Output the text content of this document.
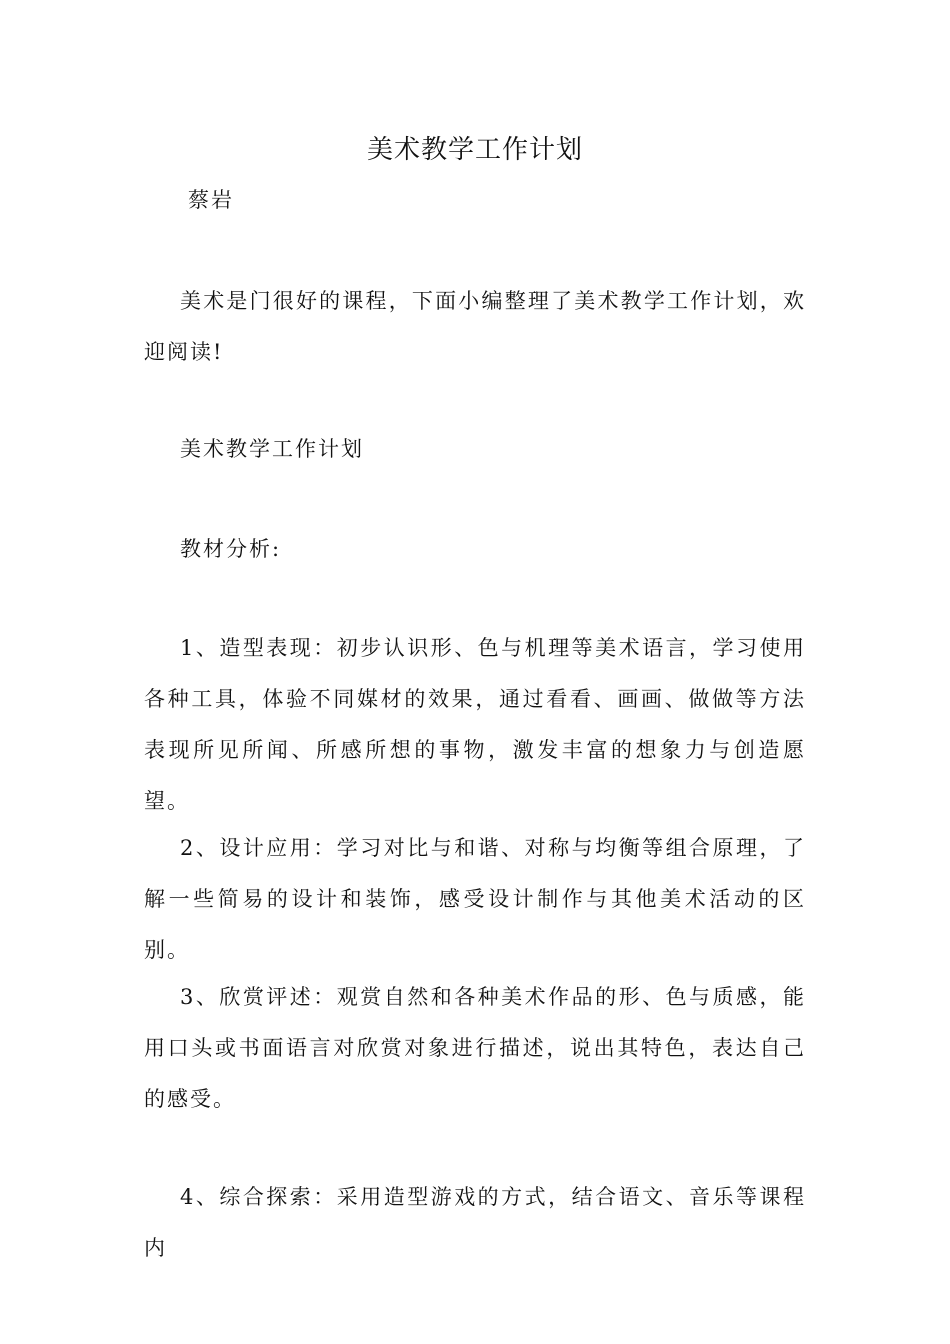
美术教学工作计划

蔡岩

美术是门很好的课程，下面小编整理了美术教学工作计划，欢迎阅读!

美术教学工作计划

教材分析:

1、造型表现：初步认识形、色与机理等美术语言，学习使用各种工具，体验不同媒材的效果，通过看看、画画、做做等方法表现所见所闻、所感所想的事物，激发丰富的想象力与创造愿望。

2、设计应用：学习对比与和谐、对称与均衡等组合原理，了解一些简易的设计和装饰，感受设计制作与其他美术活动的区别。

3、欣赏评述：观赏自然和各种美术作品的形、色与质感，能用口头或书面语言对欣赏对象进行描述，说出其特色，表达自己的感受。

4、综合探索：采用造型游戏的方式，结合语文、音乐等课程内
